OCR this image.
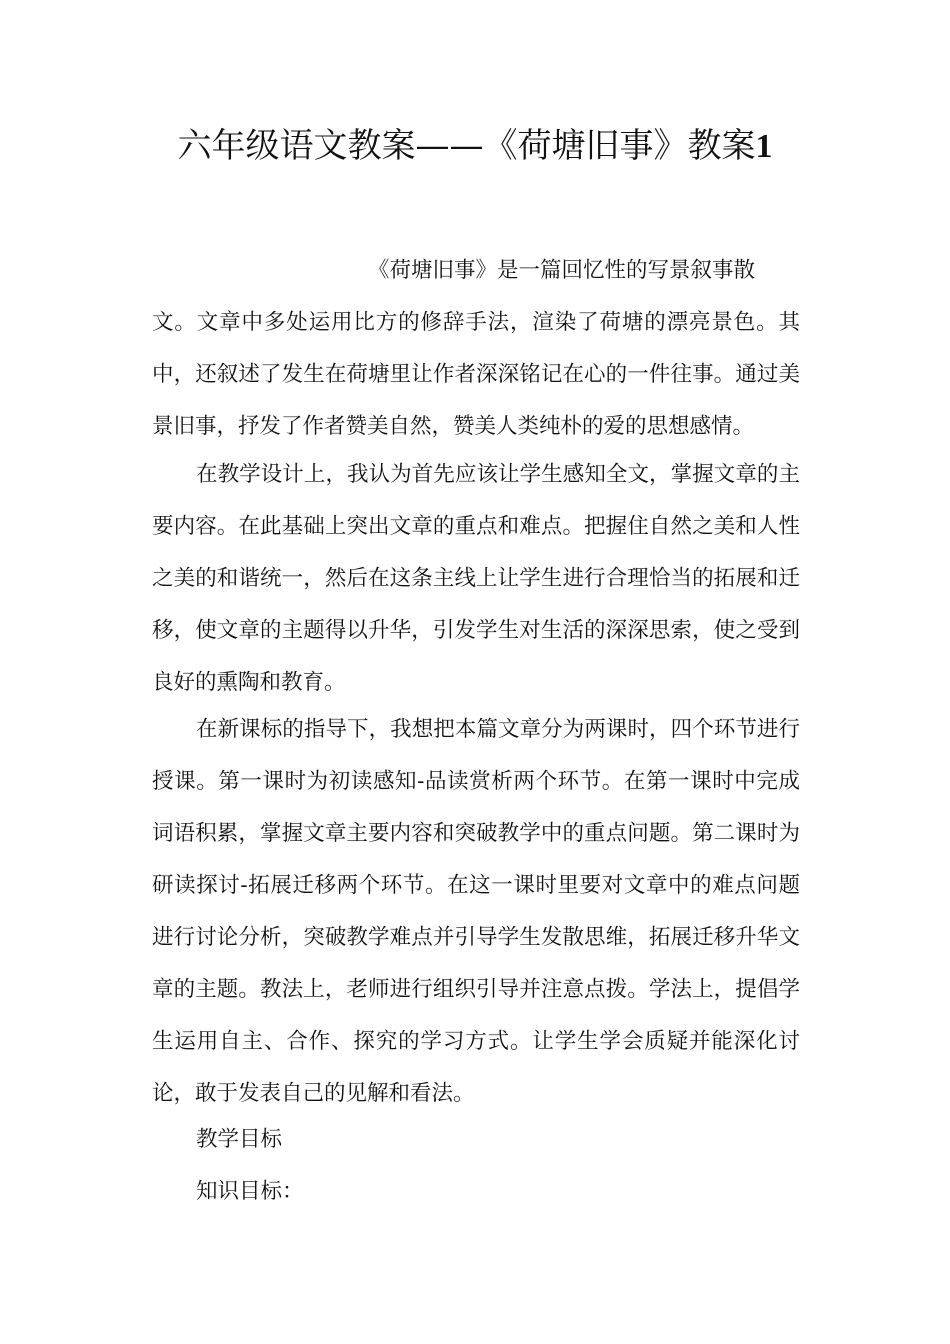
六年级语文教案——《荷塘旧事》教案1

《荷塘旧事》是一篇回忆性的写景叙事散
文。文章中多处运用比方的修辞手法，渲染了荷塘的漂亮景色。其中，还叙述了发生在荷塘里让作者深深铭记在心的一件往事。通过美景旧事，抒发了作者赞美自然，赞美人类纯朴的爱的思想感情。

在教学设计上，我认为首先应该让学生感知全文，掌握文章的主要内容。在此基础上突出文章的重点和难点。把握住自然之美和人性之美的和谐统一，然后在这条主线上让学生进行合理恰当的拓展和迁移，使文章的主题得以升华，引发学生对生活的深深思索，使之受到良好的熏陶和教育。

在新课标的指导下，我想把本篇文章分为两课时，四个环节进行授课。第一课时为初读感知-品读赏析两个环节。在第一课时中完成词语积累，掌握文章主要内容和突破教学中的重点问题。第二课时为研读探讨-拓展迁移两个环节。在这一课时里要对文章中的难点问题进行讨论分析，突破教学难点并引导学生发散思维，拓展迁移升华文章的主题。教法上，老师进行组织引导并注意点拨。学法上，提倡学生运用自主、合作、探究的学习方式。让学生学会质疑并能深化讨论，敢于发表自己的见解和看法。

教学目标

知识目标：
